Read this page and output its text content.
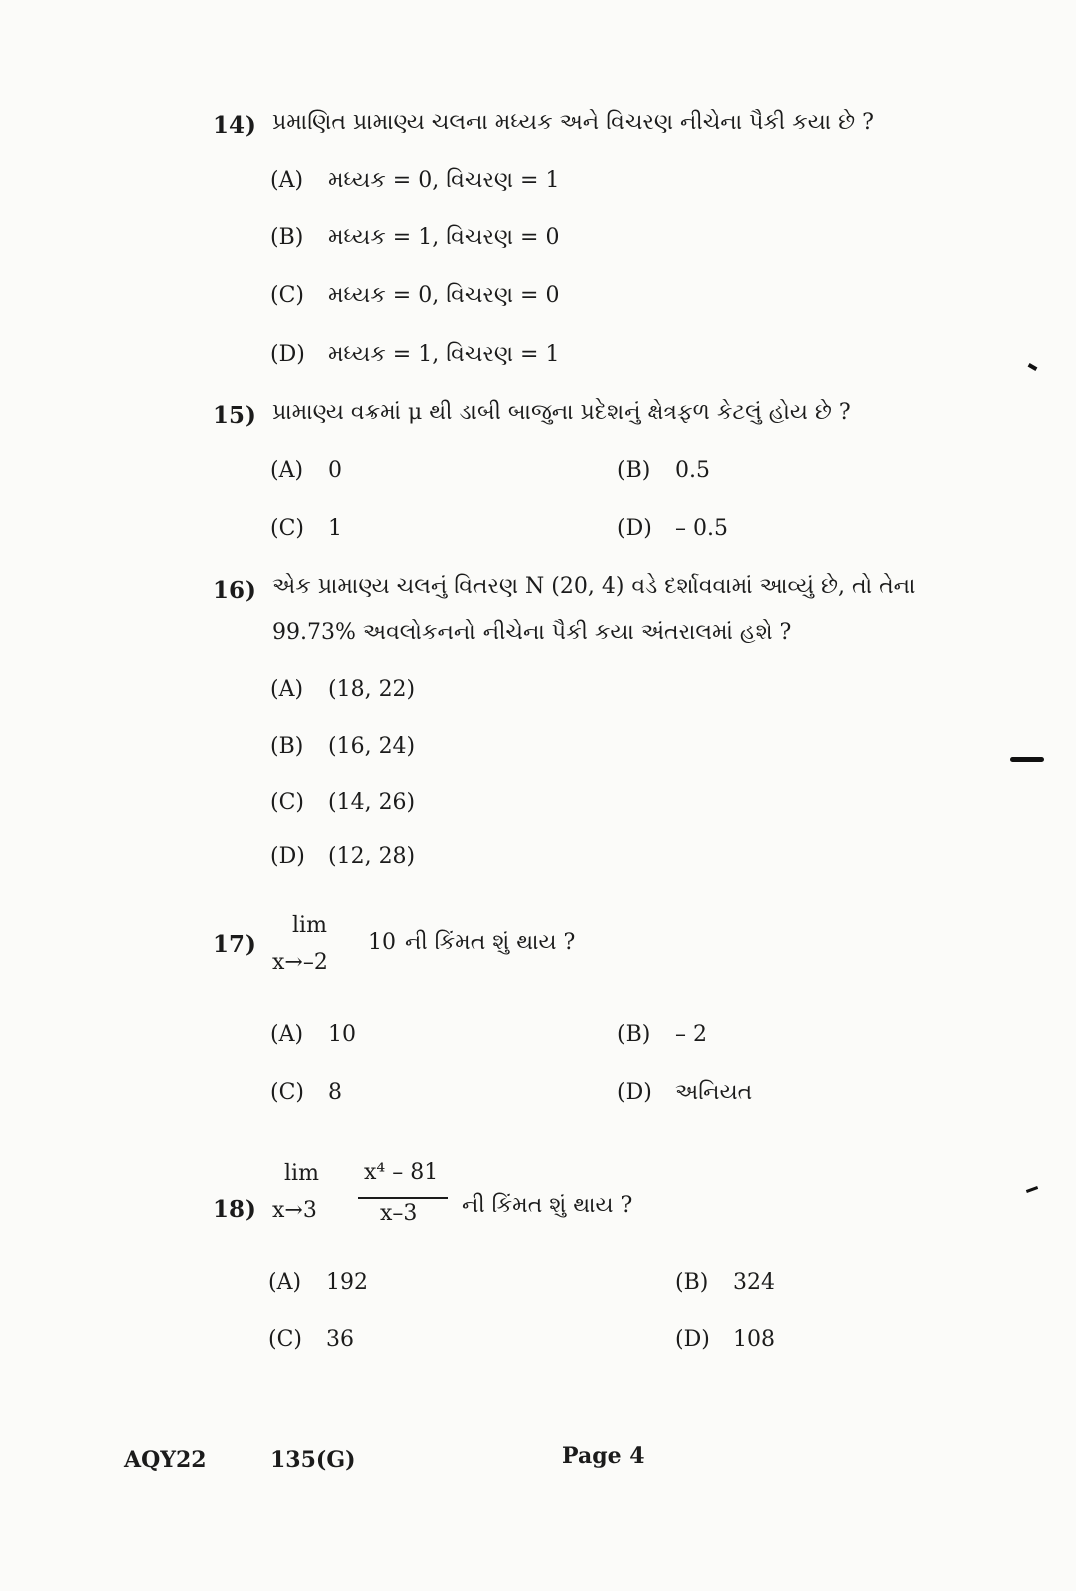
14) પ્રમાણિત પ્રામાણ્ય ચલના મધ્યક અને વિચરણ નીચેના પૈકી કયા છે ?
(A) મધ્યક = 0, વિચરણ = 1
(B) મધ્યક = 1, વિચરણ = 0
(C) મધ્યક = 0, વિચરણ = 0
(D) મધ્યક = 1, વિચરણ = 1
15) પ્રામાણ્ય વક્રમાં μ થી ડાબી બાજુના પ્રદેશનું ક્ષેત્રફળ કેટલું હોય છે ?
(A) 0	(B) 0.5
(C) 1	(D) – 0.5
16) એક પ્રામાણ્ય ચલનું વિતરણ N (20, 4) વડે દર્શાવવામાં આવ્યું છે, તો તેના
99.73% અવલોકનનો નીચેના પૈકી કયા અંતરાલમાં હશે ?
(A) (18, 22)
(B) (16, 24)
(C) (14, 26)
(D) (12, 28)
17)
lim
x→–2
10 ની કિંમત શું થાય ?
(A) 10	(B) – 2
(C) 8	(D) અનિયત
18)
lim
x→3
x⁴ – 81
x–3 ની કિંમત શું થાય ?
(A) 192	(B) 324
(C) 36	(D) 108
AQY22	135(G)	Page 4
